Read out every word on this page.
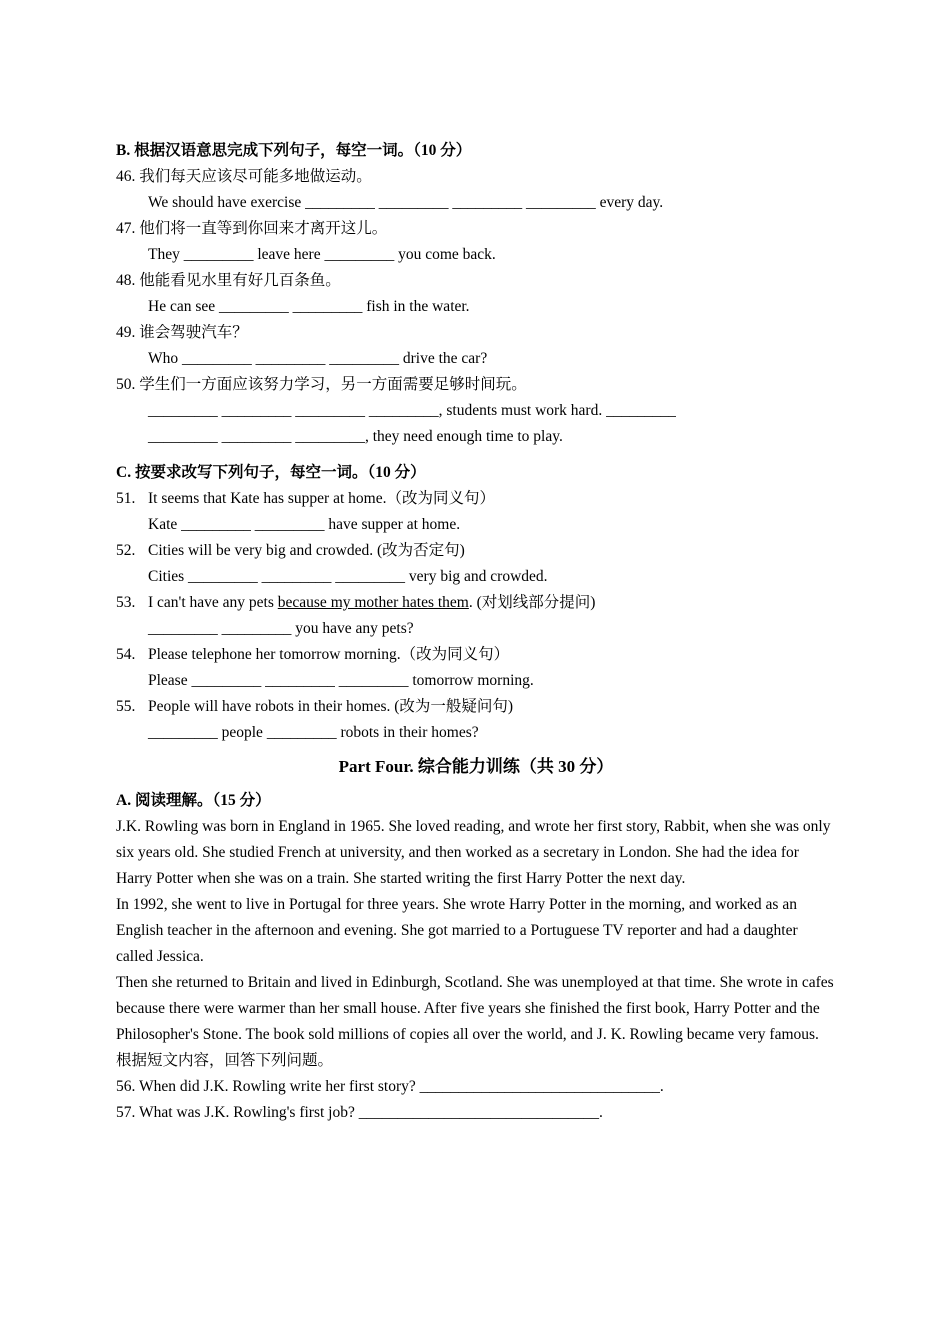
B. 根据汉语意思完成下列句子，每空一词。（10 分）
46. 我们每天应该尽可能多地做运动。
We should have exercise _________ _________ _________ _________ every day.
47. 他们将一直等到你回来才离开这儿。
They _________ leave here _________ you come back.
48. 他能看见水里有好几百条鱼。
He can see _________ _________ fish in the water.
49. 谁会驾驶汽车？
Who _________ _________ _________ drive the car?
50. 学生们一方面应该努力学习，另一方面需要足够时间玩。
_________ _________ _________ _________, students must work hard. _________
_________ _________ _________, they need enough time to play.
C. 按要求改写下列句子，每空一词。（10 分）
51. It seems that Kate has supper at home.（改为同义句）
Kate _________ _________ have supper at home.
52. Cities will be very big and crowded. (改为否定句)
Cities _________ _________ _________ very big and crowded.
53. I can't have any pets because my mother hates them. (对划线部分提问)
_________ _________ you have any pets?
54. Please telephone her tomorrow morning.（改为同义句）
Please _________ _________ _________ tomorrow morning.
55. People will have robots in their homes. (改为一般疑问句)
_________ people _________ robots in their homes?
Part Four. 综合能力训练（共 30 分）
A. 阅读理解。（15 分）
J.K. Rowling was born in England in 1965. She loved reading, and wrote her first story, Rabbit, when she was only six years old. She studied French at university, and then worked as a secretary in London. She had the idea for Harry Potter when she was on a train. She started writing the first Harry Potter the next day.
In 1992, she went to live in Portugal for three years. She wrote Harry Potter in the morning, and worked as an English teacher in the afternoon and evening. She got married to a Portuguese TV reporter and had a daughter called Jessica.
Then she returned to Britain and lived in Edinburgh, Scotland. She was unemployed at that time. She wrote in cafes because there were warmer than her small house. After five years she finished the first book, Harry Potter and the Philosopher's Stone. The book sold millions of copies all over the world, and J. K. Rowling became very famous.
根据短文内容，回答下列问题。
56. When did J.K. Rowling write her first story? _______________________________.
57. What was J.K. Rowling's first job? _______________________________.
